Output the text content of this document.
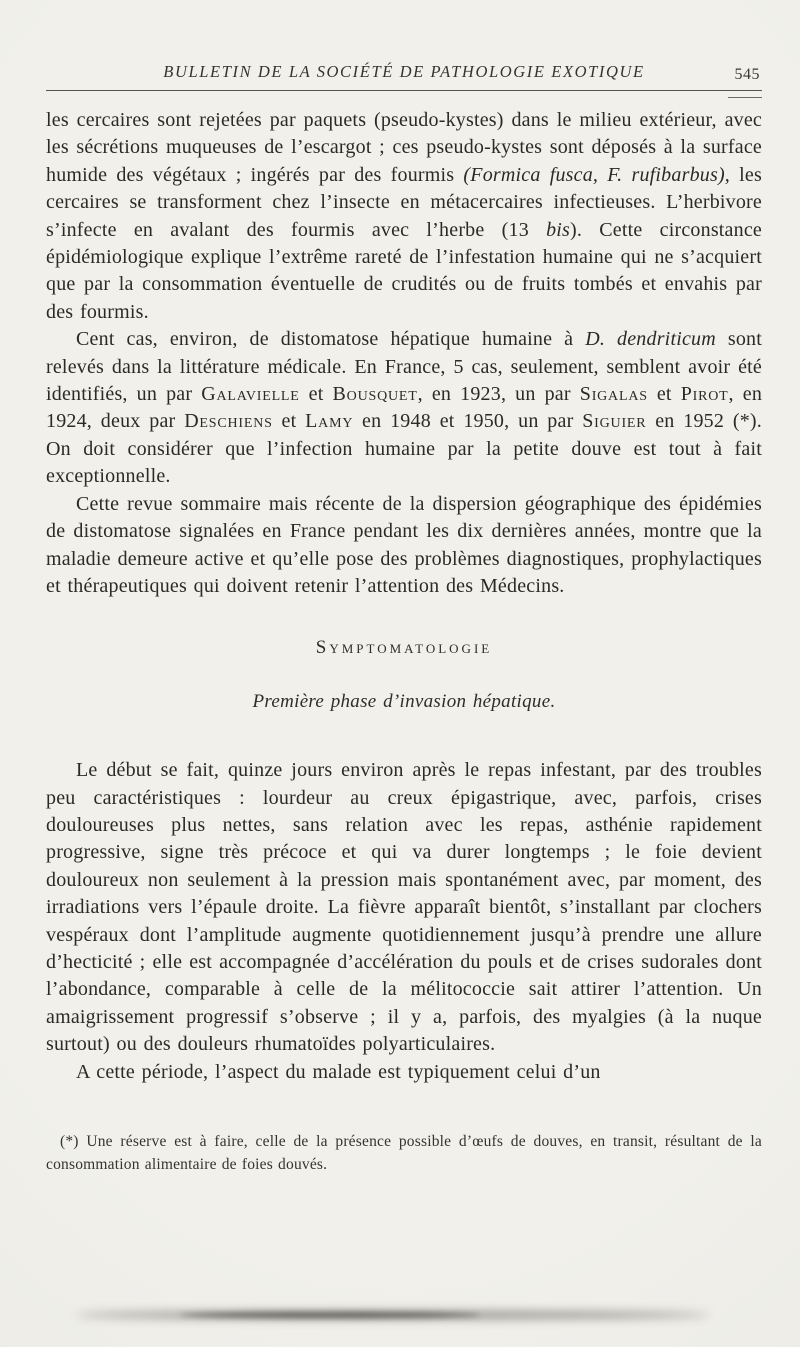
BULLETIN DE LA SOCIÉTÉ DE PATHOLOGIE EXOTIQUE	545

les cercaires sont rejetées par paquets (pseudo-kystes) dans le milieu extérieur, avec les sécrétions muqueuses de l’escargot ; ces pseudo-kystes sont déposés à la surface humide des végétaux ; ingérés par des fourmis (Formica fusca, F. rufibarbus), les cercaires se transforment chez l’insecte en métacercaires infectieuses. L’herbivore s’infecte en avalant des fourmis avec l’herbe (13 bis). Cette circonstance épidémiologique explique l’extrême rareté de l’infestation humaine qui ne s’acquiert que par la consommation éventuelle de crudités ou de fruits tombés et envahis par des fourmis.

Cent cas, environ, de distomatose hépatique humaine à D. dendriticum sont relevés dans la littérature médicale. En France, 5 cas, seulement, semblent avoir été identifiés, un par Galavielle et Bousquet, en 1923, un par Sigalas et Pirot, en 1924, deux par Deschiens et Lamy en 1948 et 1950, un par Siguier en 1952 (*). On doit considérer que l’infection humaine par la petite douve est tout à fait exceptionnelle.

Cette revue sommaire mais récente de la dispersion géographique des épidémies de distomatose signalées en France pendant les dix dernières années, montre que la maladie demeure active et qu’elle pose des problèmes diagnostiques, prophylactiques et thérapeutiques qui doivent retenir l’attention des Médecins.

Symptomatologie
Première phase d’invasion hépatique.

Le début se fait, quinze jours environ après le repas infestant, par des troubles peu caractéristiques : lourdeur au creux épigastrique, avec, parfois, crises douloureuses plus nettes, sans relation avec les repas, asthénie rapidement progressive, signe très précoce et qui va durer longtemps ; le foie devient douloureux non seulement à la pression mais spontanément avec, par moment, des irradiations vers l’épaule droite. La fièvre apparaît bientôt, s’installant par clochers vespéraux dont l’amplitude augmente quotidiennement jusqu’à prendre une allure d’hecticité ; elle est accompagnée d’accélération du pouls et de crises sudorales dont l’abondance, comparable à celle de la mélitococcie sait attirer l’attention. Un amaigrissement progressif s’observe ; il y a, parfois, des myalgies (à la nuque surtout) ou des douleurs rhumatoïdes polyarticulaires.

A cette période, l’aspect du malade est typiquement celui d’un

(*) Une réserve est à faire, celle de la présence possible d’œufs de douves, en transit, résultant de la consommation alimentaire de foies douvés.
